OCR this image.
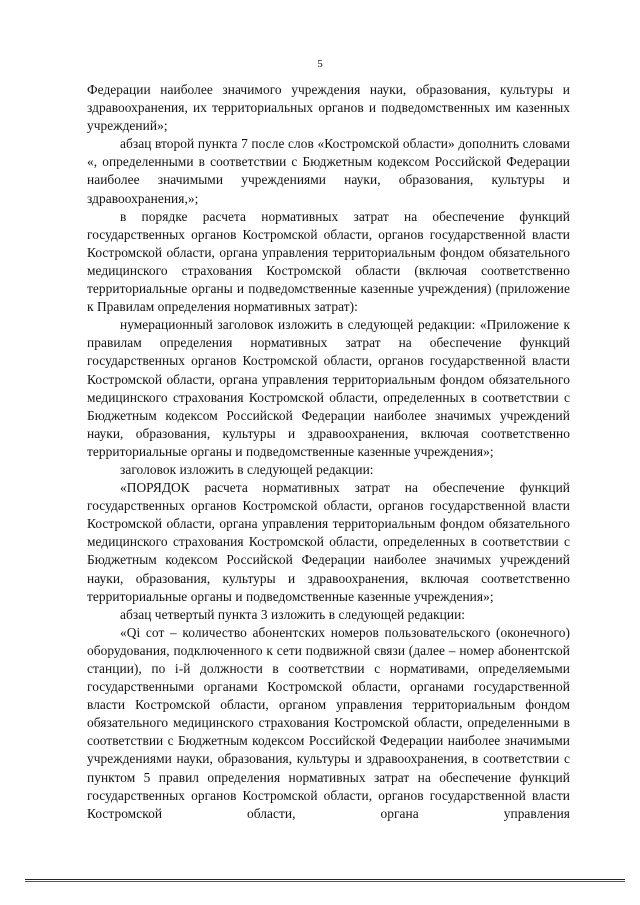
5

Федерации наиболее значимого учреждения науки, образования, культуры и здравоохранения, их территориальных органов и подведомственных им казенных учреждений»;

абзац второй пункта 7 после слов «Костромской области» дополнить словами «, определенными в соответствии с Бюджетным кодексом Российской Федерации наиболее значимыми учреждениями науки, образования, культуры и здравоохранения,»;

в порядке расчета нормативных затрат на обеспечение функций государственных органов Костромской области, органов государственной власти Костромской области, органа управления территориальным фондом обязательного медицинского страхования Костромской области (включая соответственно территориальные органы и подведомственные казенные учреждения) (приложение к Правилам определения нормативных затрат):

нумерационный заголовок изложить в следующей редакции: «Приложение к правилам определения нормативных затрат на обеспечение функций государственных органов Костромской области, органов государственной власти Костромской области, органа управления территориальным фондом обязательного медицинского страхования Костромской области, определенных в соответствии с Бюджетным кодексом Российской Федерации наиболее значимых учреждений науки, образования, культуры и здравоохранения, включая соответственно территориальные органы и подведомственные казенные учреждения»;

заголовок изложить в следующей редакции:

«ПОРЯДОК расчета нормативных затрат на обеспечение функций государственных органов Костромской области, органов государственной власти Костромской области, органа управления территориальным фондом обязательного медицинского страхования Костромской области, определенных в соответствии с Бюджетным кодексом Российской Федерации наиболее значимых учреждений науки, образования, культуры и здравоохранения, включая соответственно территориальные органы и подведомственные казенные учреждения»;

абзац четвертый пункта 3 изложить в следующей редакции:

«Qi сот – количество абонентских номеров пользовательского (оконечного) оборудования, подключенного к сети подвижной связи (далее – номер абонентской станции), по i-й должности в соответствии с нормативами, определяемыми государственными органами Костромской области, органами государственной власти Костромской области, органом управления территориальным фондом обязательного медицинского страхования Костромской области, определенными в соответствии с Бюджетным кодексом Российской Федерации наиболее значимыми учреждениями науки, образования, культуры и здравоохранения, в соответствии с пунктом 5 правил определения нормативных затрат на обеспечение функций государственных органов Костромской области, органов государственной власти Костромской области, органа управления
